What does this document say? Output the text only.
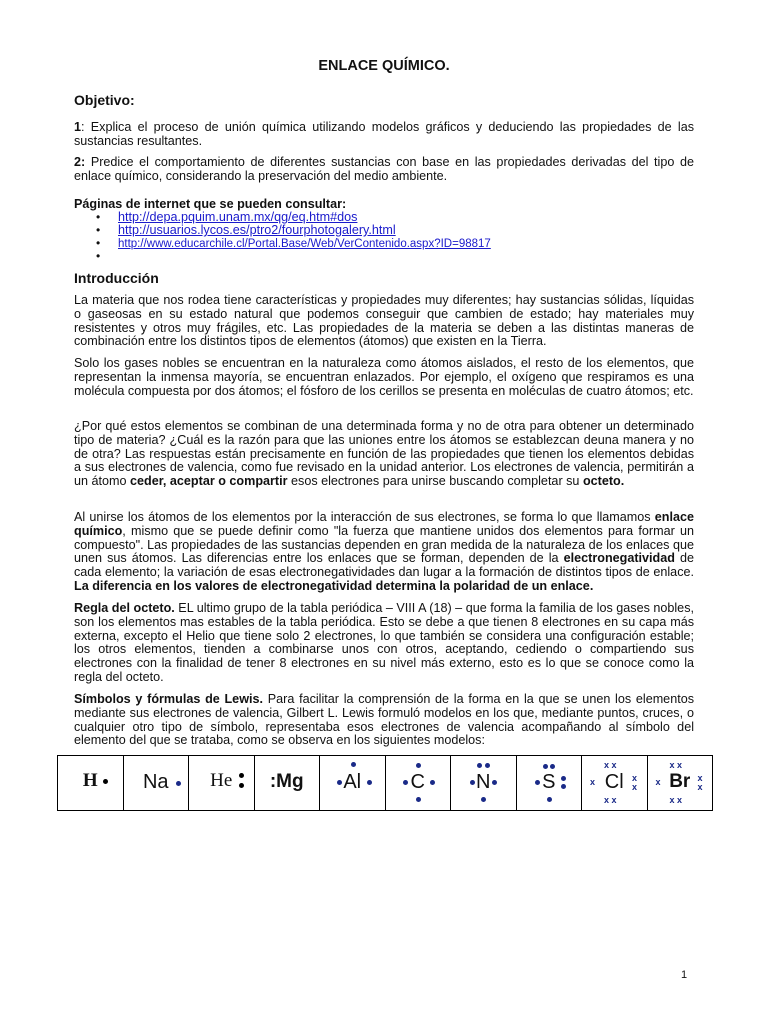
ENLACE QUÍMICO.
Objetivo:
1: Explica el proceso de unión química utilizando modelos gráficos y deduciendo las propiedades de las sustancias resultantes.
2: Predice el comportamiento de diferentes sustancias con base en las propiedades derivadas del tipo de enlace químico, considerando la preservación del medio ambiente.
Páginas de internet que se pueden consultar:
• http://depa.pquim.unam.mx/qg/eq.htm#dos
• http://usuarios.lycos.es/ptro2/fourphotogalery.html
• http://www.educarchile.cl/Portal.Base/Web/VerContenido.aspx?ID=98817
•
Introducción
La materia que nos rodea tiene características y propiedades muy diferentes; hay sustancias sólidas, líquidas o gaseosas en su estado natural que podemos conseguir que cambien de estado; hay materiales muy resistentes y otros muy frágiles, etc. Las propiedades de la materia se deben a las distintas maneras de combinación entre los distintos tipos de elementos (átomos) que existen en la Tierra.
Solo los gases nobles se encuentran en la naturaleza como átomos aislados, el resto de los elementos, que representan la inmensa mayoría, se encuentran enlazados. Por ejemplo, el oxígeno que respiramos es una molécula compuesta por dos átomos; el fósforo de los cerillos se presenta en moléculas de cuatro átomos; etc.
¿Por qué estos elementos se combinan de una determinada forma y no de otra para obtener un determinado tipo de materia? ¿Cuál es la razón para que las uniones entre los átomos se establezcan deuna manera y no de otra? Las respuestas están precisamente en función de las propiedades que tienen los elementos debidas a sus electrones de valencia, como fue revisado en la unidad anterior. Los electrones de valencia, permitirán a un átomo ceder, aceptar o compartir esos electrones para unirse buscando completar su octeto.
Al unirse los átomos de los elementos por la interacción de sus electrones, se forma lo que llamamos enlace químico, mismo que se puede definir como "la fuerza que mantiene unidos dos elementos para formar un compuesto". Las propiedades de las sustancias dependen en gran medida de la naturaleza de los enlaces que unen sus átomos. Las diferencias entre los enlaces que se forman, dependen de la electronegatividad de cada elemento; la variación de esas electronegatividades dan lugar a la formación de distintos tipos de enlace. La diferencia en los valores de electronegatividad determina la polaridad de un enlace.
Regla del octeto. EL ultimo grupo de la tabla periódica – VIII A (18) – que forma la familia de los gases nobles, son los elementos mas estables de la tabla periódica. Esto se debe a que tienen 8 electrones en su capa más externa, excepto el Helio que tiene solo 2 electrones, lo que también se considera una configuración estable; los otros elementos, tienden a combinarse unos con otros, aceptando, cediendo o compartiendo sus electrones con la finalidad de tener 8 electrones en su nivel más externo, esto es lo que se conoce como la regla del octeto.
Símbolos y fórmulas de Lewis. Para facilitar la comprensión de la forma en la que se unen los elementos mediante sus electrones de valencia, Gilbert L. Lewis formuló modelos en los que, mediante puntos, cruces, o cualquier otro tipo de símbolo, representaba esos electrones de valencia acompañando al símbolo del elemento del que se trataba, como se observa en los siguientes modelos:
H	Na	He	:Mg	Al	C	N	S	Cl
x x
x	x
x
x x
Br
x x
x	x
x
x x
1
